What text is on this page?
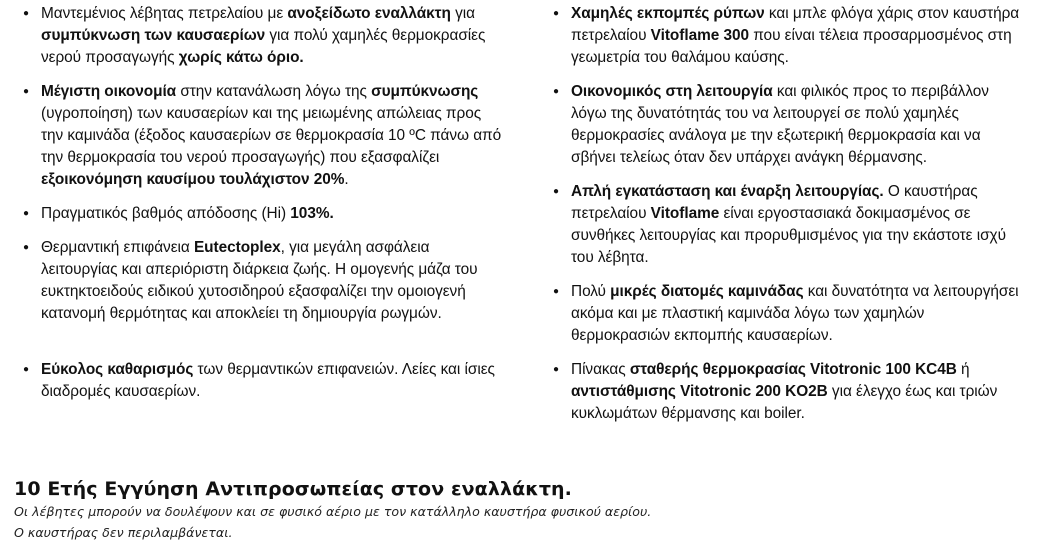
● Μαντεμένιος λέβητας πετρελαίου με ανοξείδωτο εναλλάκτη για συμπύκνωση των καυσαερίων για πολύ χαμηλές θερμοκρασίες νερού προσαγωγής χωρίς κάτω όριο.
● Μέγιστη οικονομία στην κατανάλωση λόγω της συμπύκνωσης (υγροποίηση) των καυσαερίων και της μειωμένης απώλειας προς την καμινάδα (έξοδος καυσαερίων σε θερμοκρασία 10 ºC πάνω από την θερμοκρασία του νερού προσαγωγής) που εξασφαλίζει εξοικονόμηση καυσίμου τουλάχιστον 20%.
● Πραγματικός βαθμός απόδοσης (Hi) 103%.
● Θερμαντική επιφάνεια Eutectoplex, για μεγάλη ασφάλεια λειτουργίας και απεριόριστη διάρκεια ζωής. Η ομογενής μάζα του ευκτηκτοειδούς ειδικού χυτοσιδηρού εξασφαλίζει την ομοιογενή κατανομή θερμότητας και αποκλείει τη δημιουργία ρωγμών.
● Εύκολος καθαρισμός των θερμαντικών επιφανειών. Λείες και ίσιες διαδρομές καυσαερίων.
● Χαμηλές εκπομπές ρύπων και μπλε φλόγα χάρις στον καυστήρα πετρελαίου Vitoflame 300 που είναι τέλεια προσαρμοσμένος στη γεωμετρία του θαλάμου καύσης.
● Οικονομικός στη λειτουργία και φιλικός προς το περιβάλλον λόγω της δυνατότητάς του να λειτουργεί σε πολύ χαμηλές θερμοκρασίες ανάλογα με την εξωτερική θερμοκρασία και να σβήνει τελείως όταν δεν υπάρχει ανάγκη θέρμανσης.
● Απλή εγκατάσταση και έναρξη λειτουργίας. Ο καυστήρας πετρελαίου Vitoflame είναι εργοστασιακά δοκιμασμένος σε συνθήκες λειτουργίας και προρυθμισμένος για την εκάστοτε ισχύ του λέβητα.
● Πολύ μικρές διατομές καμινάδας και δυνατότητα να λειτουργήσει ακόμα και με πλαστική καμινάδα λόγω των χαμηλών θερμοκρασιών εκπομπής καυσαερίων.
● Πίνακας σταθερής θερμοκρασίας Vitotronic 100 KC4B ή αντιστάθμισης Vitotronic 200 KO2B για έλεγχο έως και τριών κυκλωμάτων θέρμανσης και boiler.
10 Ετής Εγγύηση Αντιπροσωπείας στον εναλλάκτη.

Οι λέβητες μπορούν να δουλέψουν και σε φυσικό αέριο με τον κατάλληλο καυστήρα φυσικού αερίου.

Ο καυστήρας δεν περιλαμβάνεται.
